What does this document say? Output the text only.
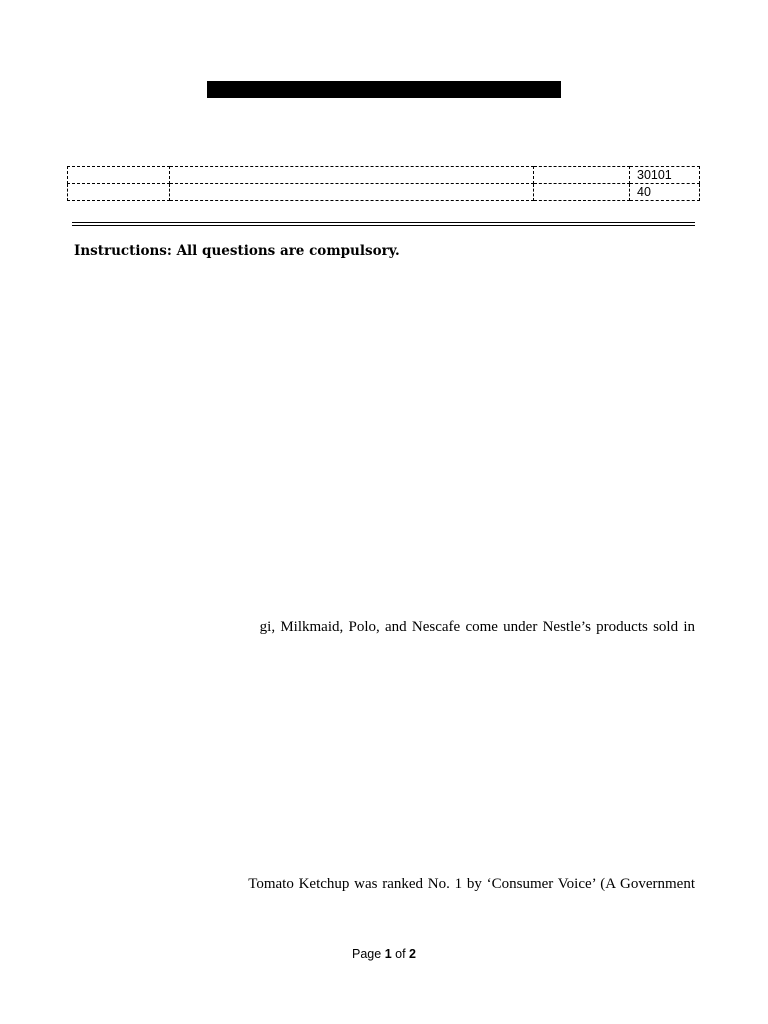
			30101
			40
Instructions: All questions are compulsory.
gi, Milkmaid, Polo, and Nescafe come under Nestle’s products sold in
Tomato Ketchup was ranked No. 1 by ‘Consumer Voice’ (A Government
Page 1 of 2
